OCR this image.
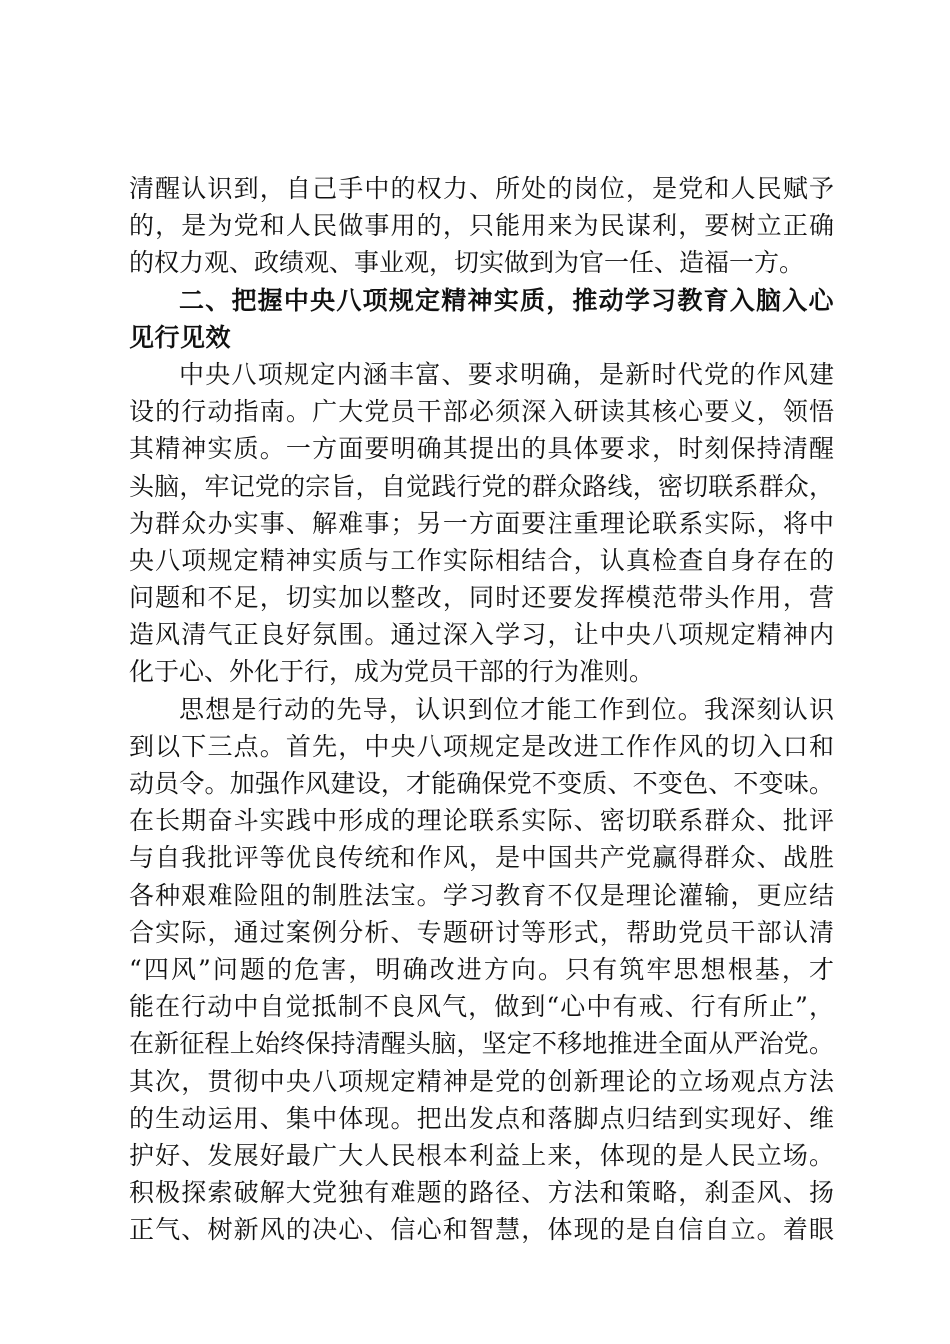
清醒认识到，自己手中的权力、所处的岗位，是党和人民赋予
的，是为党和人民做事用的，只能用来为民谋利，要树立正确
的权力观、政绩观、事业观，切实做到为官一任、造福一方。
二、把握中央八项规定精神实质，推动学习教育入脑入心
见行见效
中央八项规定内涵丰富、要求明确，是新时代党的作风建
设的行动指南。广大党员干部必须深入研读其核心要义，领悟
其精神实质。一方面要明确其提出的具体要求，时刻保持清醒
头脑，牢记党的宗旨，自觉践行党的群众路线，密切联系群众，
为群众办实事、解难事；另一方面要注重理论联系实际，将中
央八项规定精神实质与工作实际相结合，认真检查自身存在的
问题和不足，切实加以整改，同时还要发挥模范带头作用，营
造风清气正良好氛围。通过深入学习，让中央八项规定精神内
化于心、外化于行，成为党员干部的行为准则。
思想是行动的先导，认识到位才能工作到位。我深刻认识
到以下三点。首先，中央八项规定是改进工作作风的切入口和
动员令。加强作风建设，才能确保党不变质、不变色、不变味。
在长期奋斗实践中形成的理论联系实际、密切联系群众、批评
与自我批评等优良传统和作风，是中国共产党赢得群众、战胜
各种艰难险阻的制胜法宝。学习教育不仅是理论灌输，更应结
合实际，通过案例分析、专题研讨等形式，帮助党员干部认清
“四风”问题的危害，明确改进方向。只有筑牢思想根基，才
能在行动中自觉抵制不良风气，做到“心中有戒、行有所止”，
在新征程上始终保持清醒头脑，坚定不移地推进全面从严治党。
其次，贯彻中央八项规定精神是党的创新理论的立场观点方法
的生动运用、集中体现。把出发点和落脚点归结到实现好、维
护好、发展好最广大人民根本利益上来，体现的是人民立场。
积极探索破解大党独有难题的路径、方法和策略，刹歪风、扬
正气、树新风的决心、信心和智慧，体现的是自信自立。着眼
